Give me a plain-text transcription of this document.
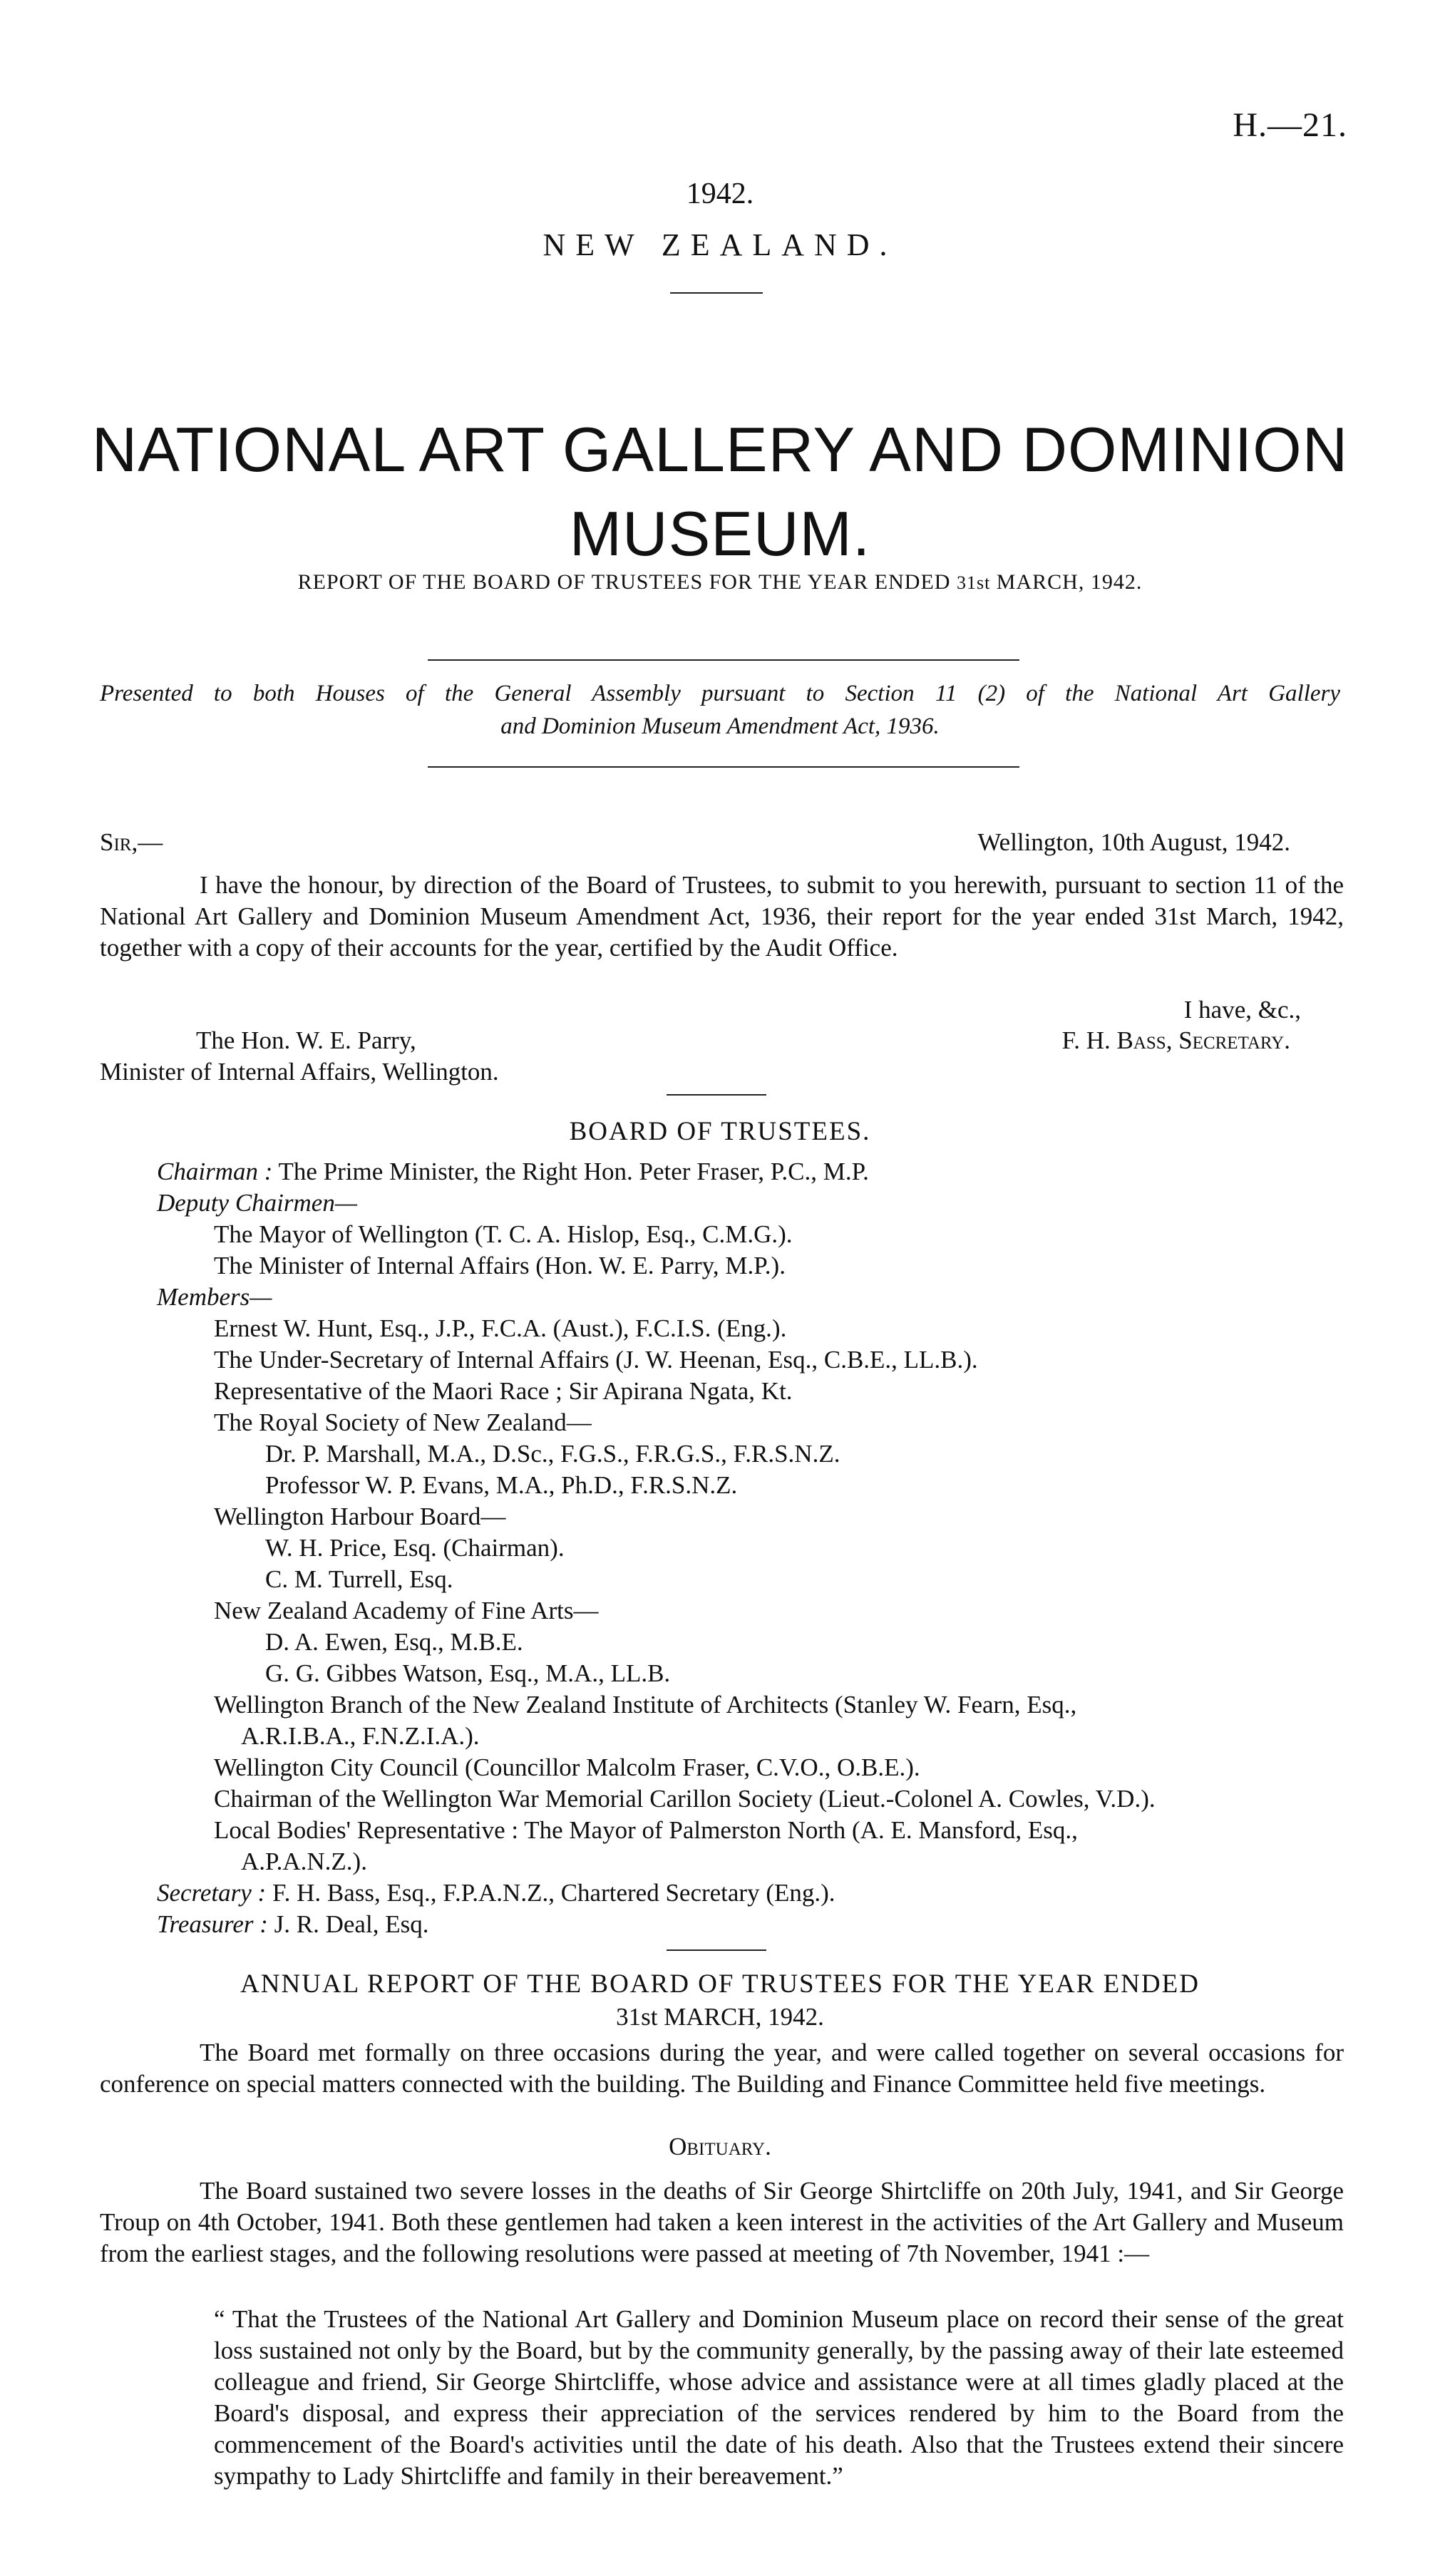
H.—21.
1942.
NEW ZEALAND.
NATIONAL ART GALLERY AND DOMINION MUSEUM.
REPORT OF THE BOARD OF TRUSTEES FOR THE YEAR ENDED 31st MARCH, 1942.
Presented to both Houses of the General Assembly pursuant to Section 11 (2) of the National Art Gallery
and Dominion Museum Amendment Act, 1936.
Sir,—	Wellington, 10th August, 1942.
I have the honour, by direction of the Board of Trustees, to submit to you herewith, pursuant to section 11 of the National Art Gallery and Dominion Museum Amendment Act, 1936, their report for the year ended 31st March, 1942, together with a copy of their accounts for the year, certified by the Audit Office.
I have, &c.,
The Hon. W. E. Parry,	F. H. Bass, Secretary.
Minister of Internal Affairs, Wellington.
BOARD OF TRUSTEES.
Chairman : The Prime Minister, the Right Hon. Peter Fraser, P.C., M.P.
Deputy Chairmen—
The Mayor of Wellington (T. C. A. Hislop, Esq., C.M.G.).
The Minister of Internal Affairs (Hon. W. E. Parry, M.P.).
Members—
Ernest W. Hunt, Esq., J.P., F.C.A. (Aust.), F.C.I.S. (Eng.).
The Under-Secretary of Internal Affairs (J. W. Heenan, Esq., C.B.E., LL.B.).
Representative of the Maori Race ; Sir Apirana Ngata, Kt.
The Royal Society of New Zealand—
Dr. P. Marshall, M.A., D.Sc., F.G.S., F.R.G.S., F.R.S.N.Z.
Professor W. P. Evans, M.A., Ph.D., F.R.S.N.Z.
Wellington Harbour Board—
W. H. Price, Esq. (Chairman).
C. M. Turrell, Esq.
New Zealand Academy of Fine Arts—
D. A. Ewen, Esq., M.B.E.
G. G. Gibbes Watson, Esq., M.A., LL.B.
Wellington Branch of the New Zealand Institute of Architects (Stanley W. Fearn, Esq.,
A.R.I.B.A., F.N.Z.I.A.).
Wellington City Council (Councillor Malcolm Fraser, C.V.O., O.B.E.).
Chairman of the Wellington War Memorial Carillon Society (Lieut.-Colonel A. Cowles, V.D.).
Local Bodies' Representative : The Mayor of Palmerston North (A. E. Mansford, Esq.,
A.P.A.N.Z.).
Secretary : F. H. Bass, Esq., F.P.A.N.Z., Chartered Secretary (Eng.).
Treasurer : J. R. Deal, Esq.
ANNUAL REPORT OF THE BOARD OF TRUSTEES FOR THE YEAR ENDED
31st MARCH, 1942.
The Board met formally on three occasions during the year, and were called together on several occasions for conference on special matters connected with the building. The Building and Finance Committee held five meetings.
Obituary.
The Board sustained two severe losses in the deaths of Sir George Shirtcliffe on 20th July, 1941, and Sir George Troup on 4th October, 1941. Both these gentlemen had taken a keen interest in the activities of the Art Gallery and Museum from the earliest stages, and the following resolutions were passed at meeting of 7th November, 1941 :—
“ That the Trustees of the National Art Gallery and Dominion Museum place on record their sense of the great loss sustained not only by the Board, but by the community generally, by the passing away of their late esteemed colleague and friend, Sir George Shirtcliffe, whose advice and assistance were at all times gladly placed at the Board's disposal, and express their appreciation of the services rendered by him to the Board from the commencement of the Board's activities until the date of his death. Also that the Trustees extend their sincere sympathy to Lady Shirtcliffe and family in their bereavement.”
